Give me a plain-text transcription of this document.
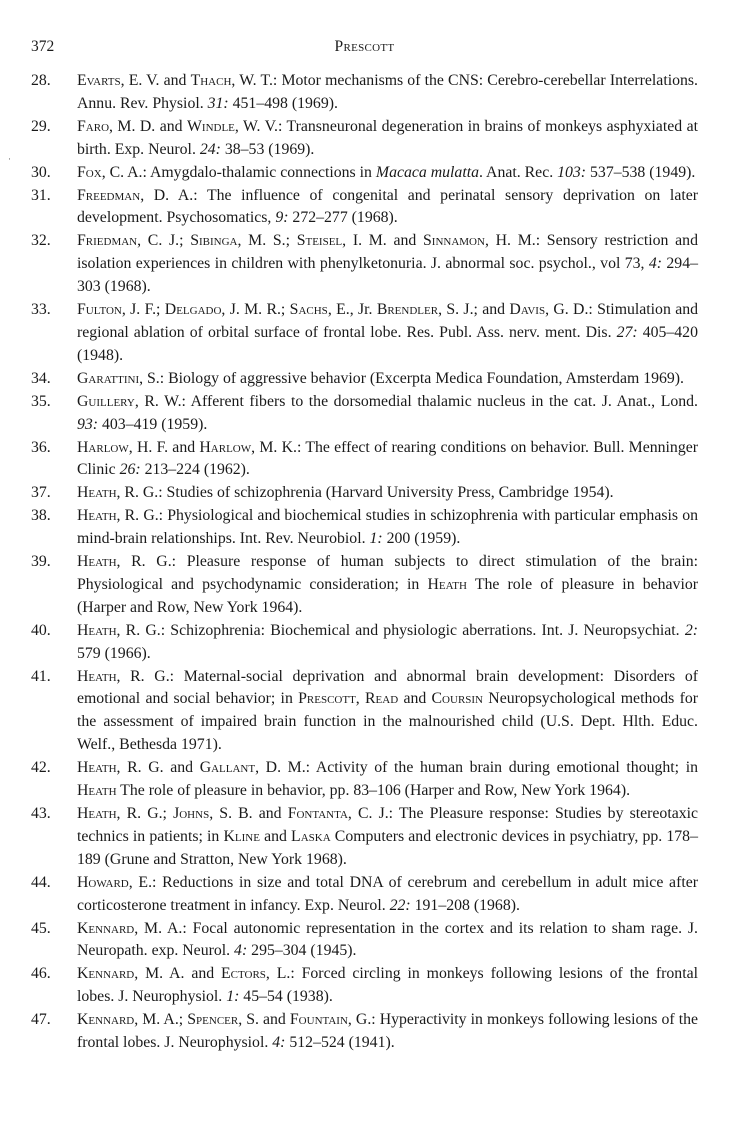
372	Prescott
·
28. Evarts, E. V. and Thach, W. T.: Motor mechanisms of the CNS: Cerebro-cerebellar Interrelations. Annu. Rev. Physiol. 31: 451–498 (1969).
29. Faro, M. D. and Windle, W. V.: Transneuronal degeneration in brains of monkeys asphyxiated at birth. Exp. Neurol. 24: 38–53 (1969).
30. Fox, C. A.: Amygdalo-thalamic connections in Macaca mulatta. Anat. Rec. 103: 537–538 (1949).
31. Freedman, D. A.: The influence of congenital and perinatal sensory deprivation on later development. Psychosomatics, 9: 272–277 (1968).
32. Friedman, C. J.; Sibinga, M. S.; Steisel, I. M. and Sinnamon, H. M.: Sensory restriction and isolation experiences in children with phenylketonuria. J. abnormal soc. psychol., vol 73, 4: 294–303 (1968).
33. Fulton, J. F.; Delgado, J. M. R.; Sachs, E., Jr. Brendler, S. J.; and Davis, G. D.: Stimulation and regional ablation of orbital surface of frontal lobe. Res. Publ. Ass. nerv. ment. Dis. 27: 405–420 (1948).
34. Garattini, S.: Biology of aggressive behavior (Excerpta Medica Foundation, Amsterdam 1969).
35. Guillery, R. W.: Afferent fibers to the dorsomedial thalamic nucleus in the cat. J. Anat., Lond. 93: 403–419 (1959).
36. Harlow, H. F. and Harlow, M. K.: The effect of rearing conditions on behavior. Bull. Menninger Clinic 26: 213–224 (1962).
37. Heath, R. G.: Studies of schizophrenia (Harvard University Press, Cambridge 1954).
38. Heath, R. G.: Physiological and biochemical studies in schizophrenia with particular emphasis on mind-brain relationships. Int. Rev. Neurobiol. 1: 200 (1959).
39. Heath, R. G.: Pleasure response of human subjects to direct stimulation of the brain: Physiological and psychodynamic consideration; in Heath The role of pleasure in behavior (Harper and Row, New York 1964).
40. Heath, R. G.: Schizophrenia: Biochemical and physiologic aberrations. Int. J. Neuropsychiat. 2: 579 (1966).
41. Heath, R. G.: Maternal-social deprivation and abnormal brain development: Disorders of emotional and social behavior; in Prescott, Read and Coursin Neuropsychological methods for the assessment of impaired brain function in the malnourished child (U.S. Dept. Hlth. Educ. Welf., Bethesda 1971).
42. Heath, R. G. and Gallant, D. M.: Activity of the human brain during emotional thought; in Heath The role of pleasure in behavior, pp. 83–106 (Harper and Row, New York 1964).
43. Heath, R. G.; Johns, S. B. and Fontanta, C. J.: The Pleasure response: Studies by stereotaxic technics in patients; in Kline and Laska Computers and electronic devices in psychiatry, pp. 178–189 (Grune and Stratton, New York 1968).
44. Howard, E.: Reductions in size and total DNA of cerebrum and cerebellum in adult mice after corticosterone treatment in infancy. Exp. Neurol. 22: 191–208 (1968).
45. Kennard, M. A.: Focal autonomic representation in the cortex and its relation to sham rage. J. Neuropath. exp. Neurol. 4: 295–304 (1945).
46. Kennard, M. A. and Ectors, L.: Forced circling in monkeys following lesions of the frontal lobes. J. Neurophysiol. 1: 45–54 (1938).
47. Kennard, M. A.; Spencer, S. and Fountain, G.: Hyperactivity in monkeys following lesions of the frontal lobes. J. Neurophysiol. 4: 512–524 (1941).
